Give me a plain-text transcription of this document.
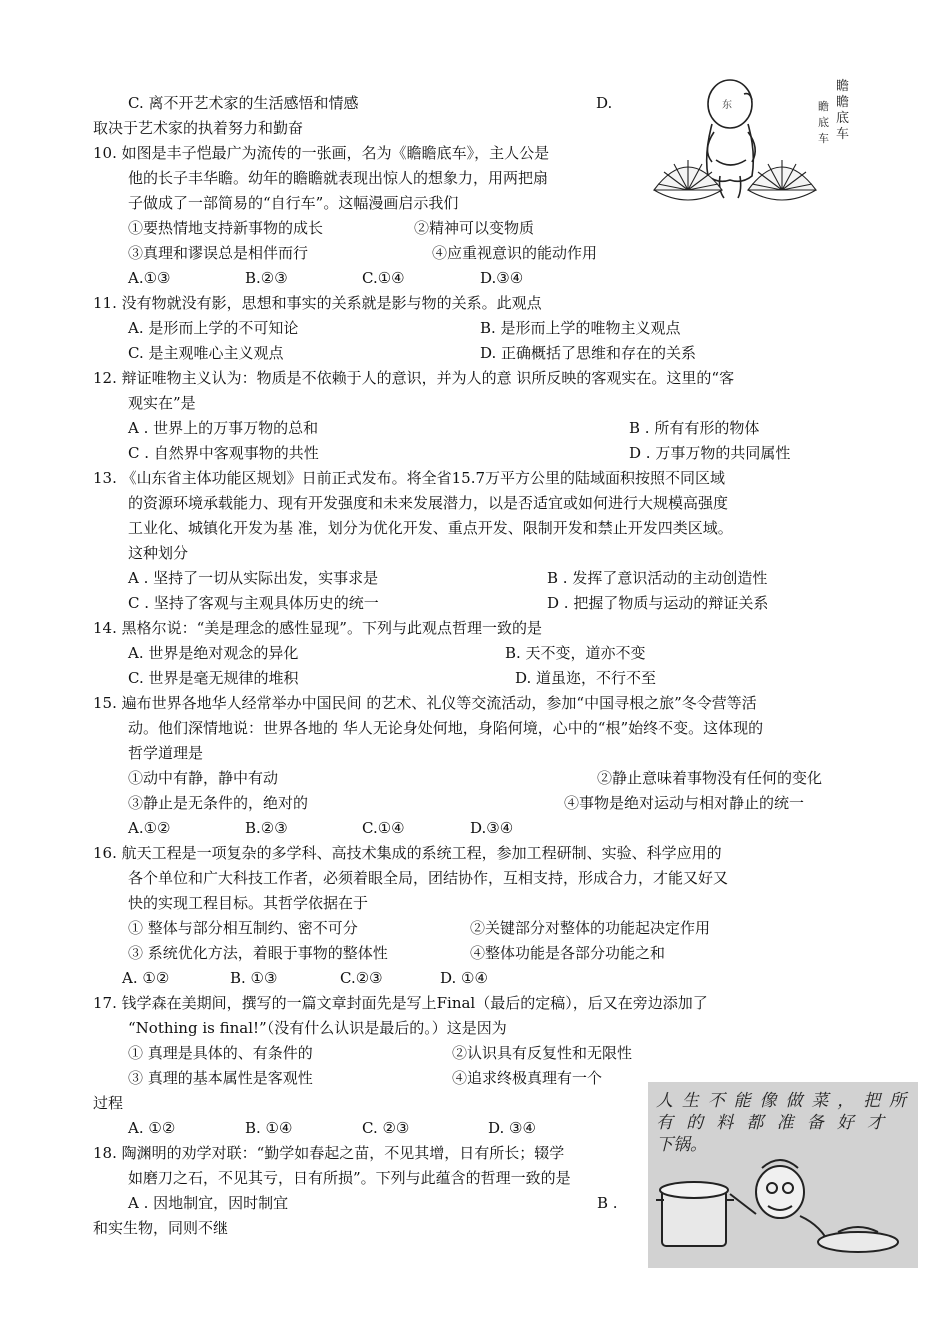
C. 离不开艺术家的生活感悟和情感	D.
取决于艺术家的执着努力和勤奋
10. 如图是丰子恺最广为流传的一张画，名为《瞻瞻底车》，主人公是
他的长子丰华瞻。幼年的瞻瞻就表现出惊人的想象力，用两把扇
子做成了一部简易的“自行车”。这幅漫画启示我们
①要热情地支持新事物的成长	②精神可以变物质
③真理和谬误总是相伴而行	④应重视意识的能动作用
A.①③	B.②③	C.①④	D.③④
11. 没有物就没有影，思想和事实的关系就是影与物的关系。此观点
A. 是形而上学的不可知论	B. 是形而上学的唯物主义观点
C. 是主观唯心主义观点	D. 正确概括了思维和存在的关系
12. 辩证唯物主义认为：物质是不依赖于人的意识，并为人的意 识所反映的客观实在。这里的“客
观实在”是
A . 世界上的万事万物的总和	B . 所有有形的物体
C . 自然界中客观事物的共性	D . 万事万物的共同属性
13. 《山东省主体功能区规划》日前正式发布。将全省15.7万平方公里的陆域面积按照不同区域
的资源环境承载能力、现有开发强度和未来发展潜力，以是否适宜或如何进行大规模高强度
工业化、城镇化开发为基 准，划分为优化开发、重点开发、限制开发和禁止开发四类区域。
这种划分
A . 坚持了一切从实际出发，实事求是	B . 发挥了意识活动的主动创造性
C . 坚持了客观与主观具体历史的统一	D . 把握了物质与运动的辩证关系
14. 黑格尔说：“美是理念的感性显现”。下列与此观点哲理一致的是
A. 世界是绝对观念的异化	B. 天不变，道亦不变
C. 世界是毫无规律的堆积	D. 道虽迩，不行不至
15. 遍布世界各地华人经常举办中国民间 的艺术、礼仪等交流活动，参加“中国寻根之旅”冬令营等活
动。他们深情地说：世界各地的 华人无论身处何地，身陷何境，心中的“根”始终不变。这体现的
哲学道理是
①动中有静，静中有动	②静止意味着事物没有任何的变化
③静止是无条件的，绝对的	④事物是绝对运动与相对静止的统一
A.①②	B.②③	C.①④	D.③④
16. 航天工程是一项复杂的多学科、高技术集成的系统工程，参加工程研制、实验、科学应用的
各个单位和广大科技工作者，必须着眼全局，团结协作，互相支持，形成合力，才能又好又
快的实现工程目标。其哲学依据在于
① 整体与部分相互制约、密不可分	②关键部分对整体的功能起决定作用
③ 系统优化方法，着眼于事物的整体性	④整体功能是各部分功能之和
A. ①②	B. ①③	C.②③	D. ①④
17. 钱学森在美期间，撰写的一篇文章封面先是写上Final（最后的定稿），后又在旁边添加了
“Nothing is final!”（没有什么认识是最后的。）这是因为
① 真理是具体的、有条件的	②认识具有反复性和无限性
③ 真理的基本属性是客观性	④追求终极真理有一个
过程
A. ①②	B. ①④	C. ②③	D. ③④
18. 陶渊明的劝学对联：“勤学如春起之苗，不见其增，日有所长；辍学
如磨刀之石，不见其亏，日有所损”。下列与此蕴含的哲理一致的是
A . 因地制宜，因时制宜	B .
和实生物，同则不继
东
瞻
瞻
底
车
瞻
底
车
人生不能像做菜，把所
有的料都准备好才
下锅。
